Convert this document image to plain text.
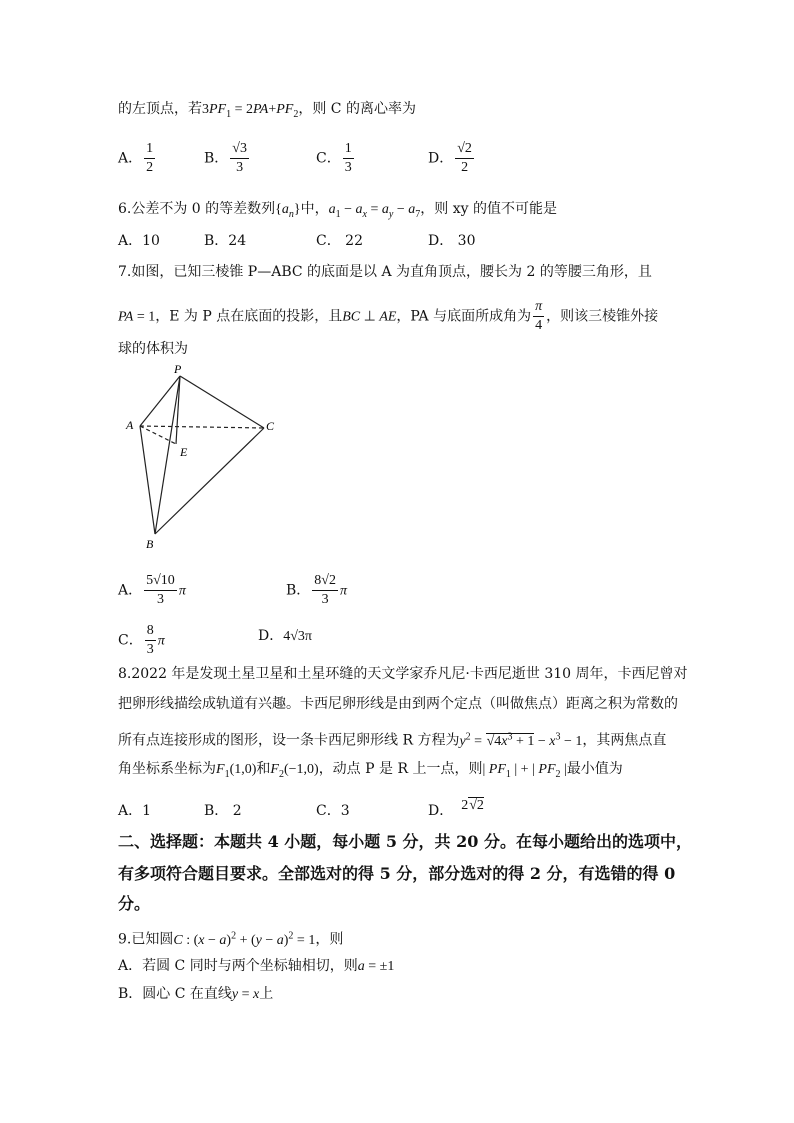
的左顶点，若$3PF_1 = 2PA+PF_2$，则 C 的离心率为
A． $\frac{1}{2}$	B． $\frac{√3}{3}$	C． $\frac{1}{3}$	D． $\frac{√2}{2}$
6.公差不为 0 的等差数列$\{a_n\}$中，$a_1 - a_x = a_y - a_7$，则 xy 的值不可能是
A．10	B．24	C． 22	D． 30
7.如图，已知三棱锥 P—ABC 的底面是以 A 为直角顶点，腰长为 2 的等腰三角形，且
PA = 1，E 为 P 点在底面的投影，且BC ⊥ AE，PA 与底面所成角为 $\frac{\pi}{4}$ ，则该三棱锥外接
球的体积为
P
A	C
E
B
A． $\frac{5√10}{3}$ π	B． $\frac{8√2}{3}$ π
C． $\frac{8}{3}$ π	D．4√3π
8.2022 年是发现土星卫星和土星环缝的天文学家乔凡尼·卡西尼逝世 310 周年，卡西尼曾对
把卵形线描绘成轨道有兴趣。卡西尼卵形线是由到两个定点（叫做焦点）距离之积为常数的
所有点连接形成的图形，设一条卡西尼卵形线 R 方程为$y^2 = √4x^3 + 1 - x^3 - 1$，其两焦点直
角坐标系坐标为$F_1(1,0)$和$F_2(-1,0)$，动点 P 是 R 上一点，则| $PF_1$ | + | $PF_2$ |最小值为
A．1	B． 2	C．3	D． 2√2
二、选择题：本题共 4 小题，每小题 5 分，共 20 分。在每小题给出的选项中，
有多项符合题目要求。全部选对的得 5 分，部分选对的得 2 分，有选错的得 0
分。
9.已知圆C : $(x - a)^2 + (y - a)^2 = 1$，则
A．若圆 C 同时与两个坐标轴相切，则a = ±1
B．圆心 C 在直线y = x上
